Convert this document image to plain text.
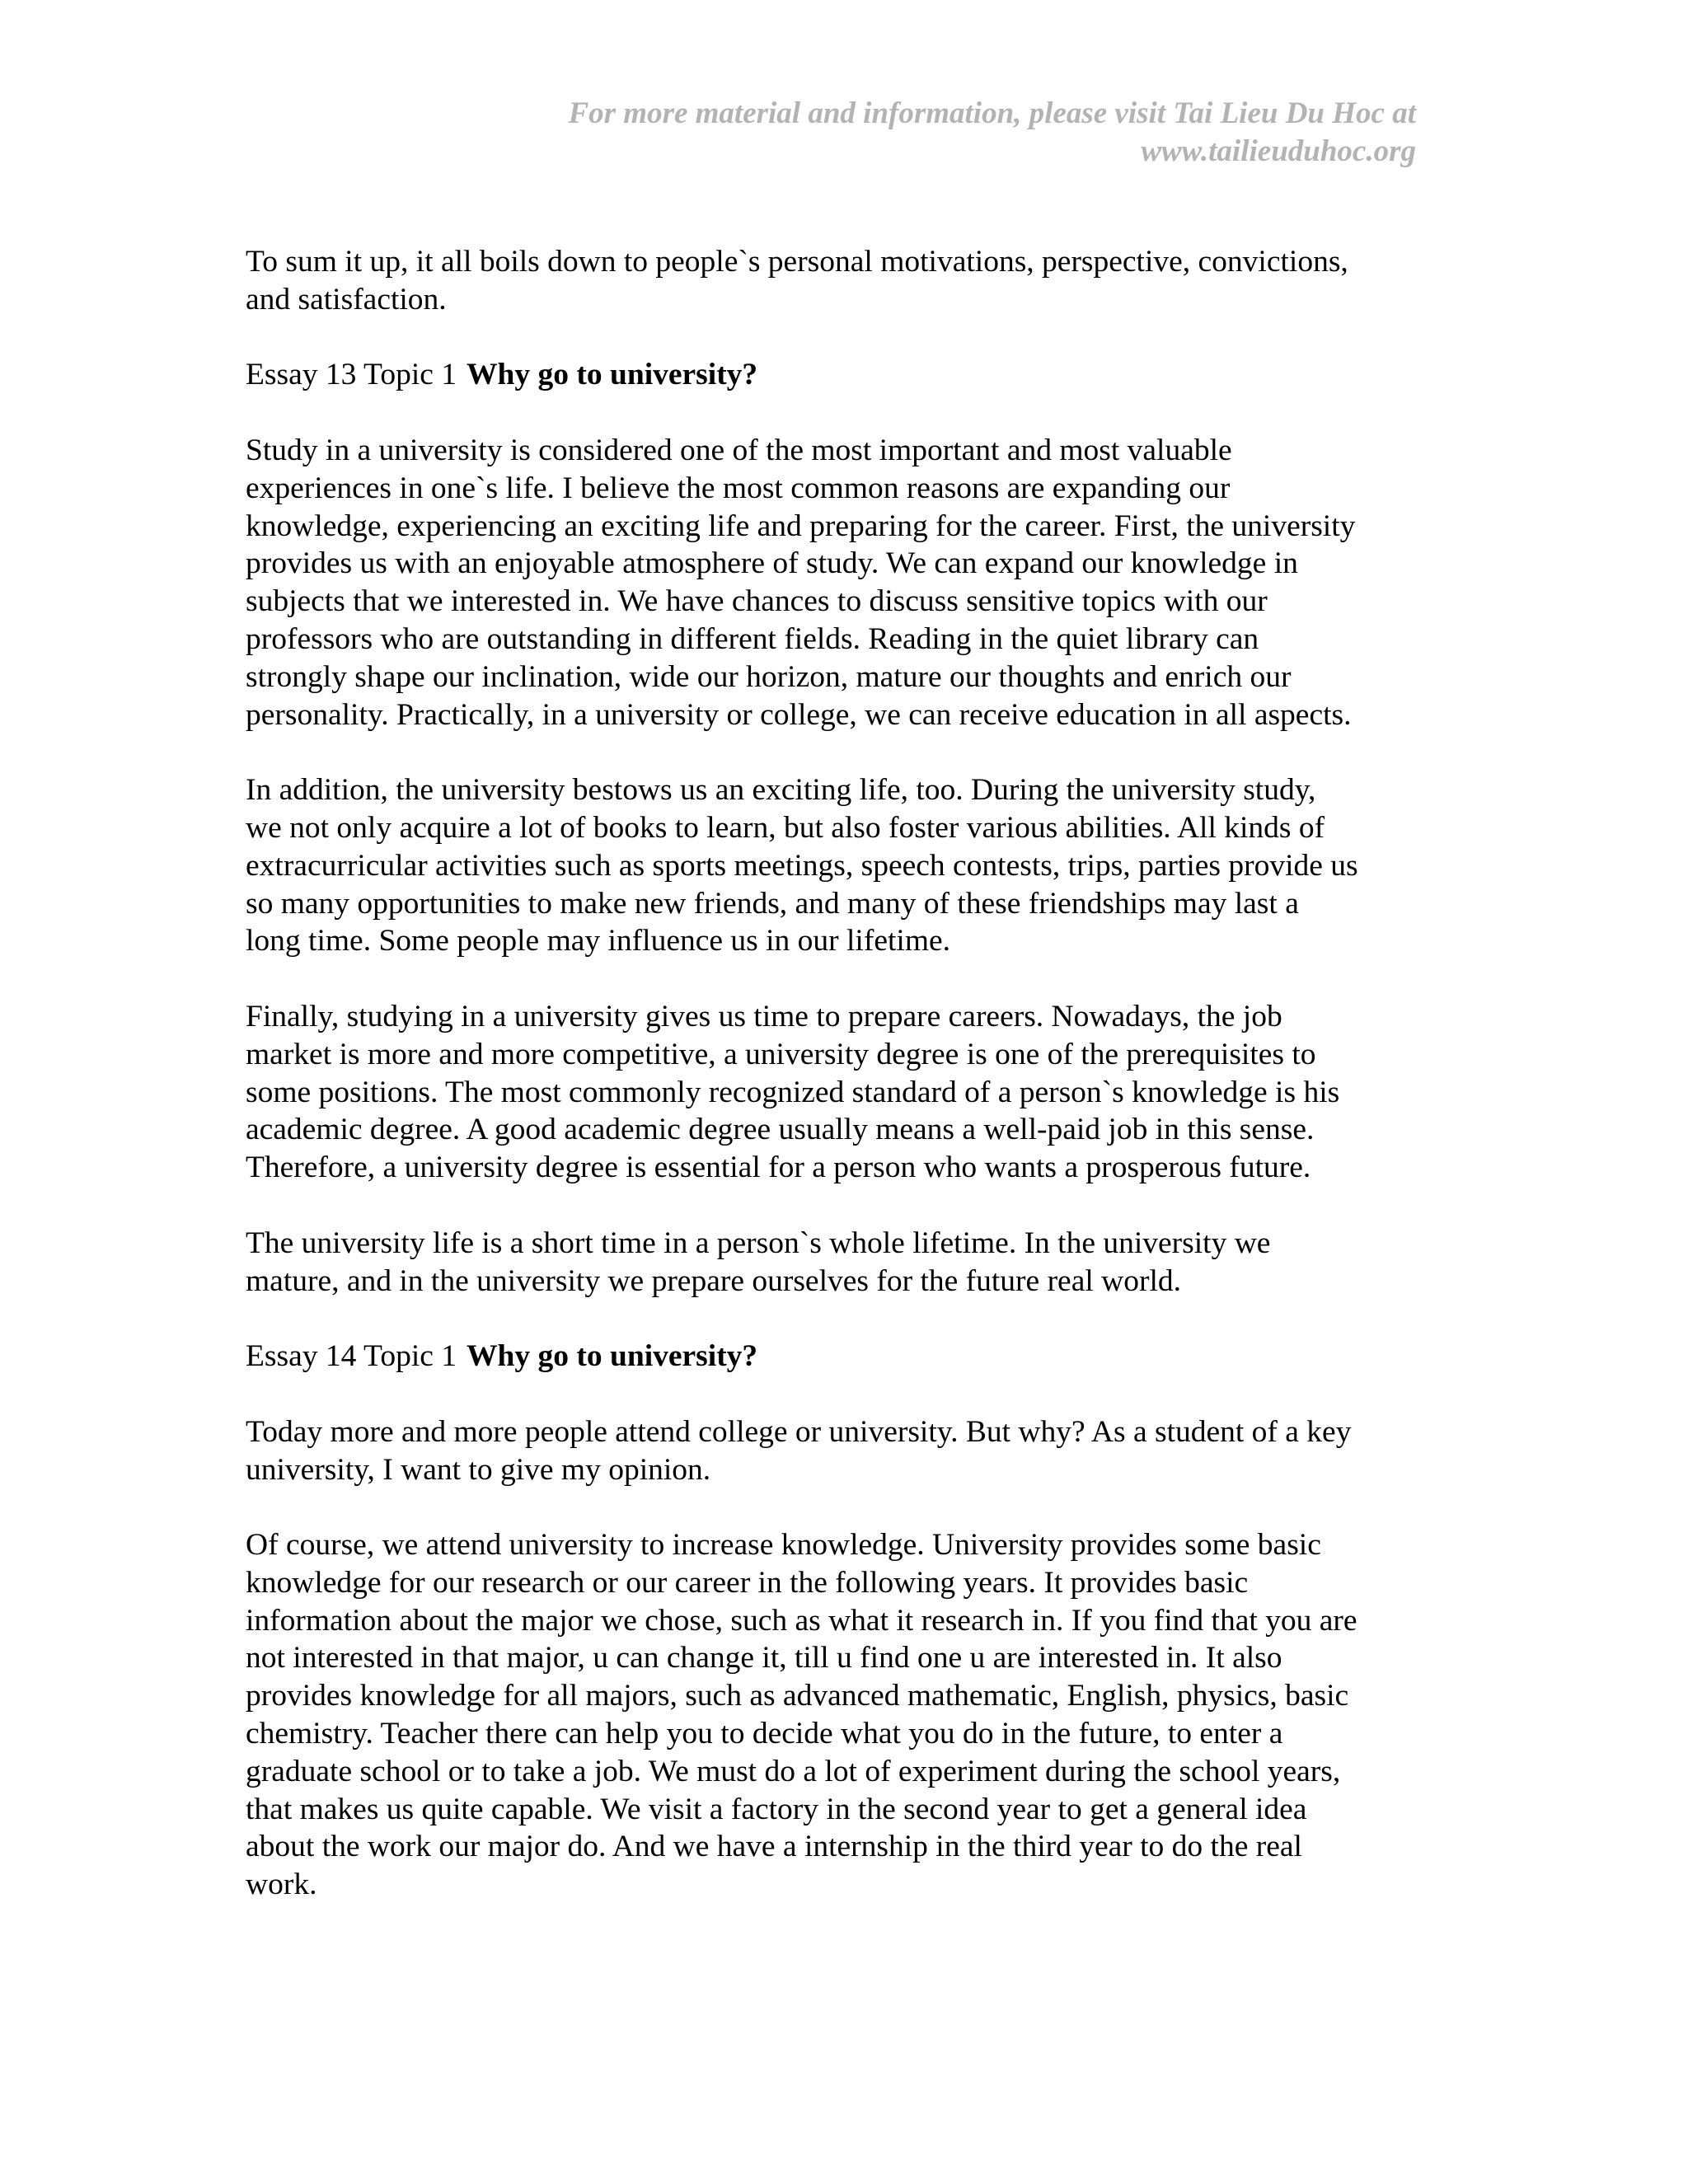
For more material and information, please visit Tai Lieu Du Hoc at
www.tailieuduhoc.org

To sum it up, it all boils down to people`s personal motivations, perspective, convictions,
and satisfaction.

Essay 13 Topic 1 Why go to university?

Study in a university is considered one of the most important and most valuable
experiences in one`s life. I believe the most common reasons are expanding our
knowledge, experiencing an exciting life and preparing for the career. First, the university
provides us with an enjoyable atmosphere of study. We can expand our knowledge in
subjects that we interested in. We have chances to discuss sensitive topics with our
professors who are outstanding in different fields. Reading in the quiet library can
strongly shape our inclination, wide our horizon, mature our thoughts and enrich our
personality. Practically, in a university or college, we can receive education in all aspects.

In addition, the university bestows us an exciting life, too. During the university study,
we not only acquire a lot of books to learn, but also foster various abilities. All kinds of
extracurricular activities such as sports meetings, speech contests, trips, parties provide us
so many opportunities to make new friends, and many of these friendships may last a
long time. Some people may influence us in our lifetime.

Finally, studying in a university gives us time to prepare careers. Nowadays, the job
market is more and more competitive, a university degree is one of the prerequisites to
some positions. The most commonly recognized standard of a person`s knowledge is his
academic degree. A good academic degree usually means a well-paid job in this sense.
Therefore, a university degree is essential for a person who wants a prosperous future.

The university life is a short time in a person`s whole lifetime. In the university we
mature, and in the university we prepare ourselves for the future real world.

Essay 14 Topic 1 Why go to university?

Today more and more people attend college or university. But why? As a student of a key
university, I want to give my opinion.

Of course, we attend university to increase knowledge. University provides some basic
knowledge for our research or our career in the following years. It provides basic
information about the major we chose, such as what it research in. If you find that you are
not interested in that major, u can change it, till u find one u are interested in. It also
provides knowledge for all majors, such as advanced mathematic, English, physics, basic
chemistry. Teacher there can help you to decide what you do in the future, to enter a
graduate school or to take a job. We must do a lot of experiment during the school years,
that makes us quite capable. We visit a factory in the second year to get a general idea
about the work our major do. And we have a internship in the third year to do the real
work.
